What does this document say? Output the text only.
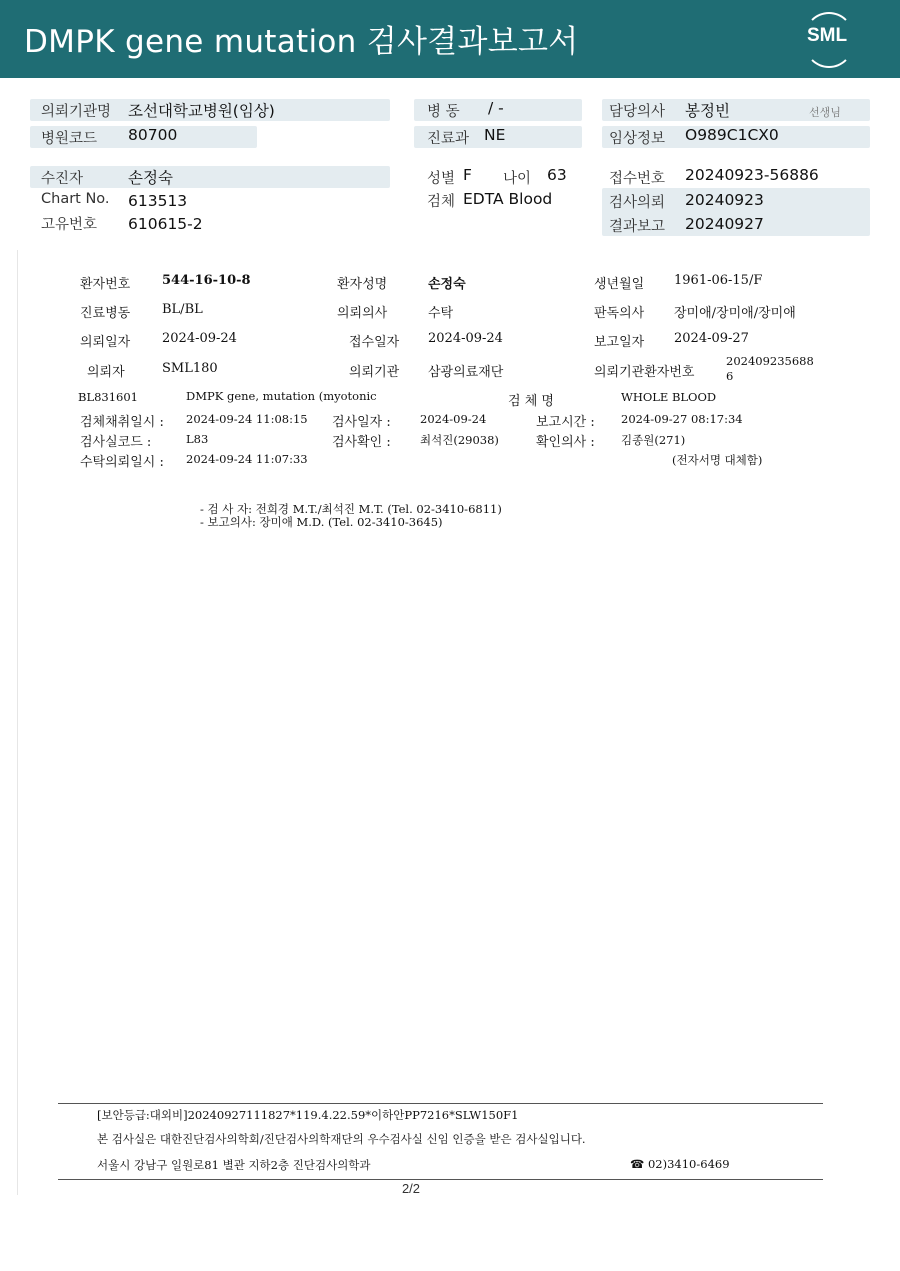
DMPK gene mutation 검사결과보고서	SML
의뢰기관명 조선대학교병원(임상)	병 동 / -	담당의사 봉정빈	선생님
병원코드 80700	진료과 NE	임상정보 O989C1CX0
수진자	손정숙	성별 F 나이 63	접수번호 20240923-56886
Chart No. 613513	검체 EDTA Blood	검사의뢰 20240923
고유번호 610615-2	결과보고 20240927
환자번호 544-16-10-8	환자성명	손정숙	생년월일 1961-06-15/F
진료병동 BL/BL	의뢰의사	수탁	판독의사 장미애/장미애/장미애
의뢰일자 2024-09-24	접수일자 2024-09-24	보고일자 2024-09-27
의뢰자	SML180	의뢰기관 삼광의료재단	의뢰기관환자번호
202409235688
6
BL831601	DMPK gene, mutation (myotonic	검 체 명	WHOLE BLOOD
검체채취일시 : 2024-09-24 11:08:15 검사일자 :	2024-09-24	보고시간 : 2024-09-27 08:17:34
검사실코드 :	L83	검사확인 :	최석진(29038)	확인의사 : 김종원(271)
수탁의뢰일시 : 2024-09-24 11:07:33	(전자서명 대체함)
- 검 사 자: 전희경 M.T./최석진 M.T. (Tel. 02-3410-6811)
- 보고의사: 장미애 M.D. (Tel. 02-3410-3645)
[보안등급:대외비]20240927111827*119.4.22.59*이하안PP7216*SLW150F1
본 검사실은 대한진단검사의학회/진단검사의학재단의 우수검사실 신임 인증을 받은 검사실입니다.
서울시 강남구 일원로81 별관 지하2층 진단검사의학과	☎ 02)3410-6469
2/2
